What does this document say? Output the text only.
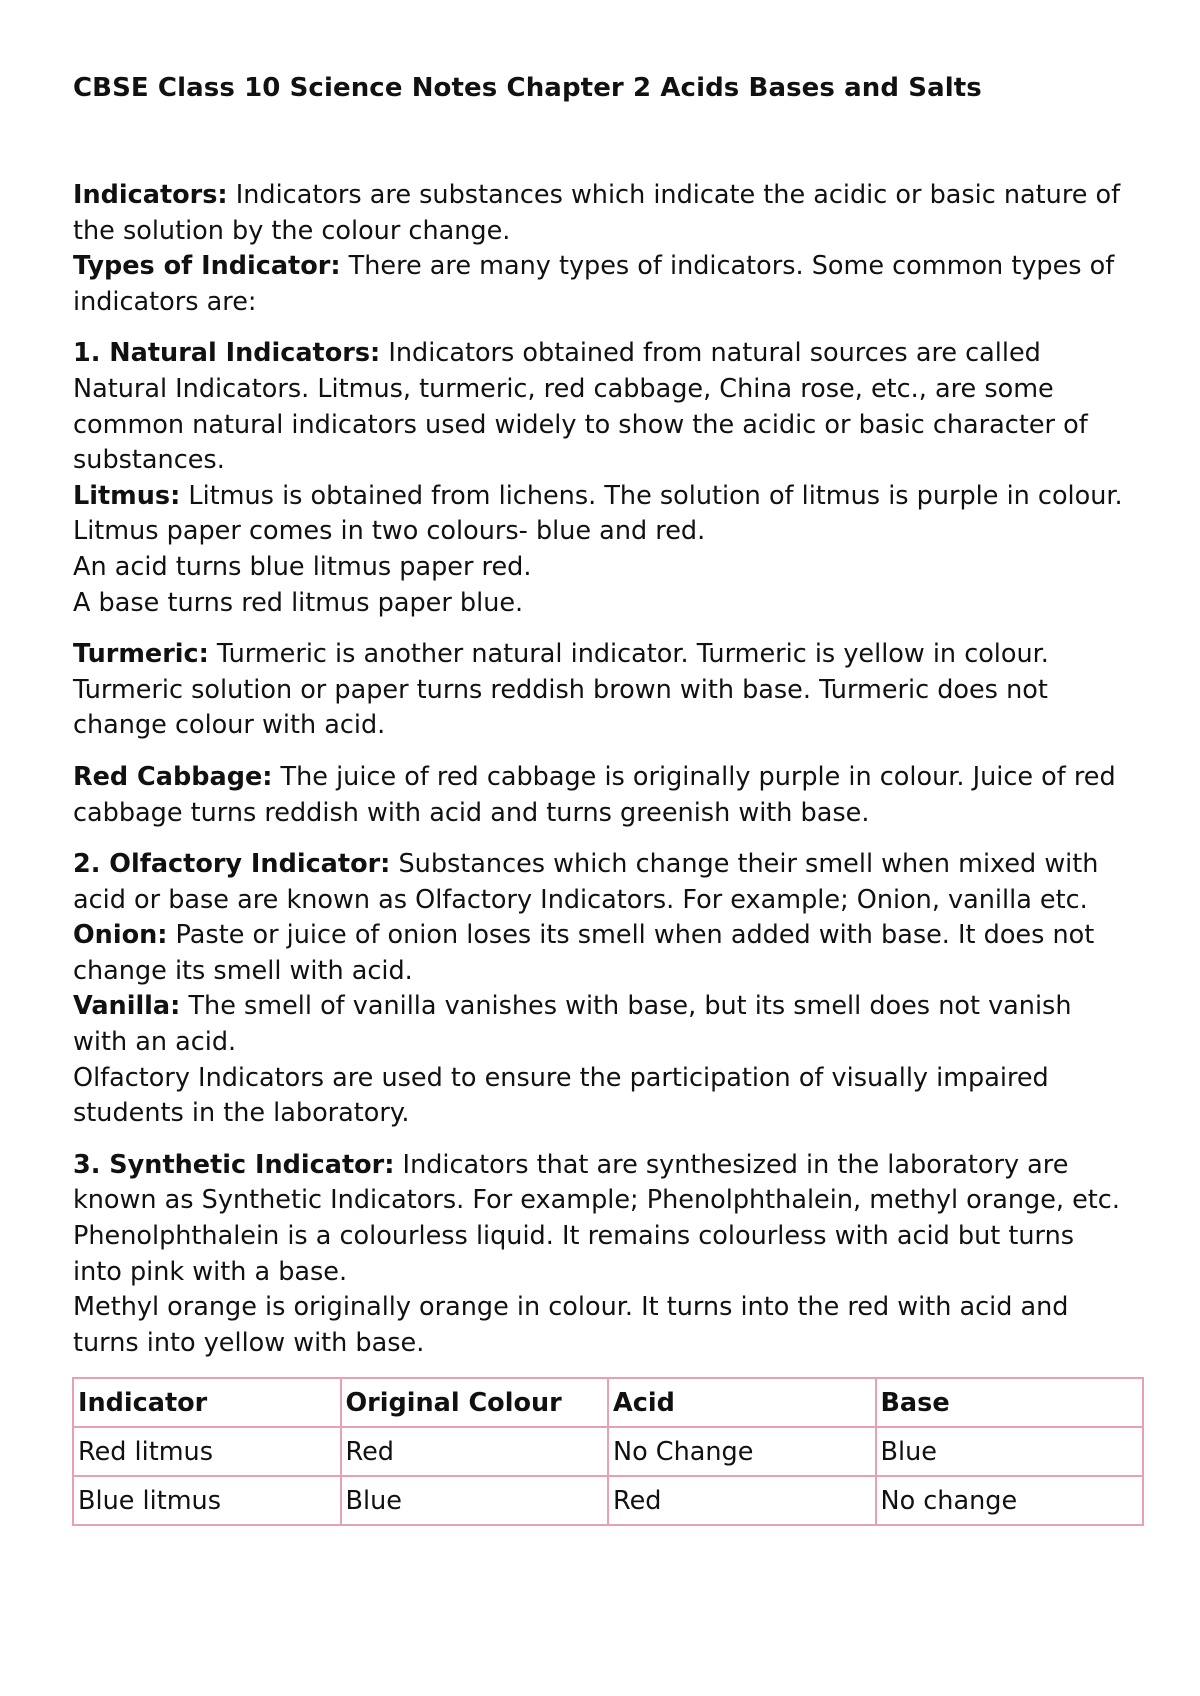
CBSE Class 10 Science Notes Chapter 2 Acids Bases and Salts

Indicators: Indicators are substances which indicate the acidic or basic nature of the solution by the colour change.

Types of Indicator: There are many types of indicators. Some common types of indicators are:

1. Natural Indicators: Indicators obtained from natural sources are called Natural Indicators. Litmus, turmeric, red cabbage, China rose, etc., are some common natural indicators used widely to show the acidic or basic character of substances.

Litmus: Litmus is obtained from lichens. The solution of litmus is purple in colour. Litmus paper comes in two colours- blue and red.

An acid turns blue litmus paper red.

A base turns red litmus paper blue.

Turmeric: Turmeric is another natural indicator. Turmeric is yellow in colour. Turmeric solution or paper turns reddish brown with base. Turmeric does not change colour with acid.

Red Cabbage: The juice of red cabbage is originally purple in colour. Juice of red cabbage turns reddish with acid and turns greenish with base.

2. Olfactory Indicator: Substances which change their smell when mixed with acid or base are known as Olfactory Indicators. For example; Onion, vanilla etc.

Onion: Paste or juice of onion loses its smell when added with base. It does not change its smell with acid.

Vanilla: The smell of vanilla vanishes with base, but its smell does not vanish with an acid.

Olfactory Indicators are used to ensure the participation of visually impaired students in the laboratory.

3. Synthetic Indicator: Indicators that are synthesized in the laboratory are known as Synthetic Indicators. For example; Phenolphthalein, methyl orange, etc.

Phenolphthalein is a colourless liquid. It remains colourless with acid but turns into pink with a base.

Methyl orange is originally orange in colour. It turns into the red with acid and turns into yellow with base.

Indicator	Original Colour	Acid	Base
Red litmus	Red	No Change	Blue
Blue litmus	Blue	Red	No change
